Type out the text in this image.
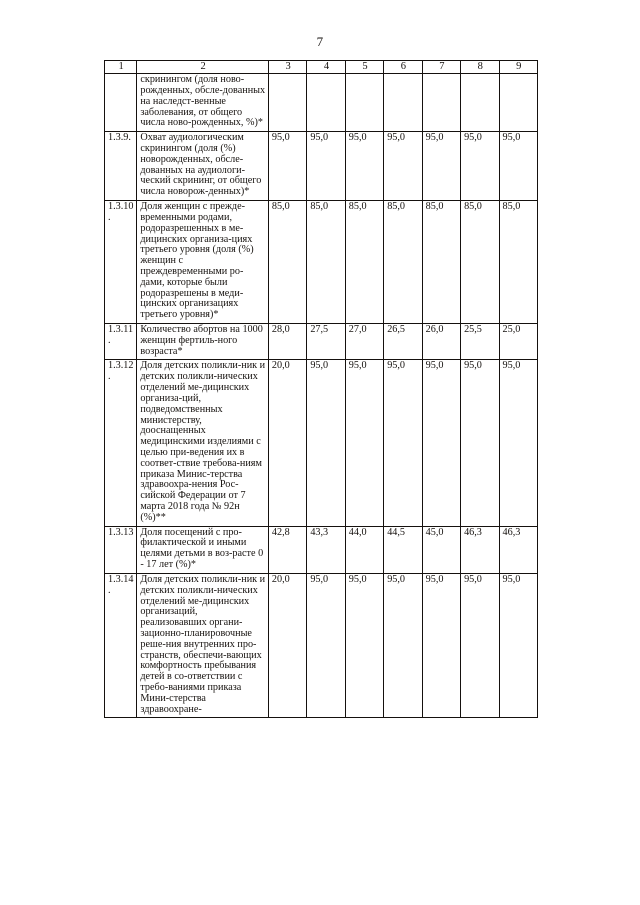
7
1	2	3	4	5	6	7	8	9
	скринингом (доля ново-рожденных, обсле-дованных на наследст-венные заболевания, от общего числа ново-рожденных, %)*							
1.3.9.	Охват аудиологическим скринингом (доля (%) новорожденных, обсле-дованных на аудиологи-ческий скрининг, от общего числа новорож-денных)*	95,0	95,0	95,0	95,0	95,0	95,0	95,0
1.3.10.	Доля женщин с прежде-временными родами, родоразрешенных в ме-дицинских организа-циях третьего уровня (доля (%) женщин с преждевременными ро-дами, которые были родоразрешены в меди-цинских организациях третьего уровня)*	85,0	85,0	85,0	85,0	85,0	85,0	85,0
1.3.11.	Количество абортов на 1000 женщин фертиль-ного возраста*	28,0	27,5	27,0	26,5	26,0	25,5	25,0
1.3.12.	Доля детских поликли-ник и детских поликли-нических отделений ме-дицинских организа-ций, подведомственных министерству, дооснащенных медицинскими изделиями с целью при-ведения их в соответ-ствие требова-ниям приказа Минис-терства здравоохра-нения Рос-сийской Федерации от 7 марта 2018 года № 92н (%)**	20,0	95,0	95,0	95,0	95,0	95,0	95,0
1.3.13	Доля посещений с про-филактической и иными целями детьми в воз-расте 0 - 17 лет (%)*	42,8	43,3	44,0	44,5	45,0	46,3	46,3
1.3.14.	Доля детских поликли-ник и детских поликли-нических отделений ме-дицинских организаций, реализовавших органи-зационно-планировочные реше-ния внутренних про-странств, обеспечи-вающих комфортность пребывания детей в со-ответствии с требо-ваниями приказа Мини-стерства здравоохране-	20,0	95,0	95,0	95,0	95,0	95,0	95,0
